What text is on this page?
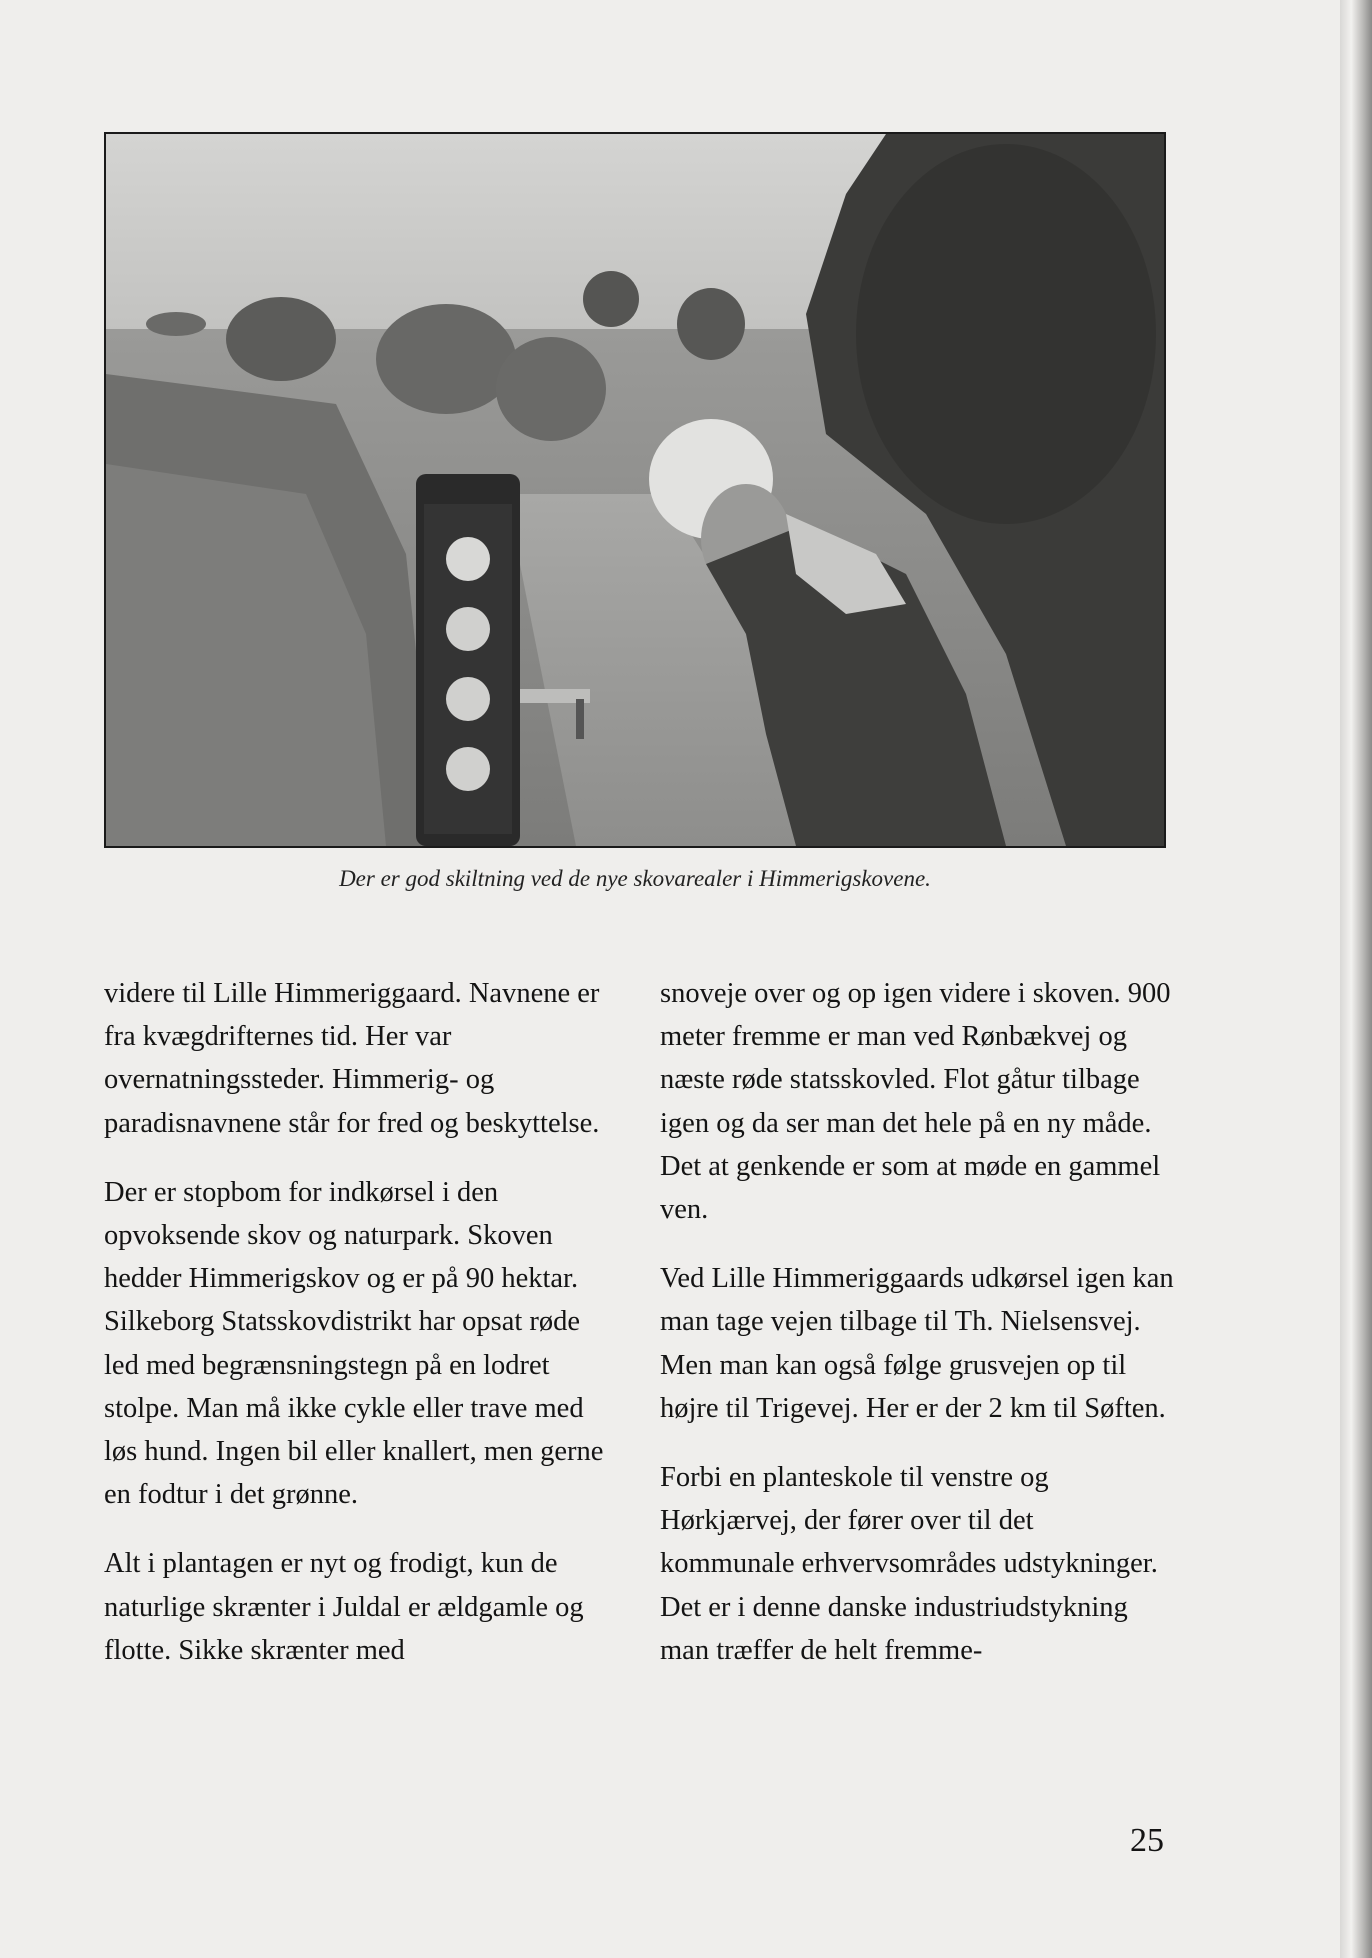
Der er god skiltning ved de nye skovarealer i Himmerigskovene.

videre til Lille Himmeriggaard. Navnene er fra kvægdrifternes tid. Her var overnatningssteder. Himmerig- og paradisnavnene står for fred og beskyttelse.

Der er stopbom for indkørsel i den opvoksende skov og naturpark. Skoven hedder Himmerigskov og er på 90 hektar. Silkeborg Statsskovdistrikt har opsat røde led med begrænsningstegn på en lodret stolpe. Man må ikke cykle eller trave med løs hund. Ingen bil eller knallert, men gerne en fodtur i det grønne.

Alt i plantagen er nyt og frodigt, kun de naturlige skrænter i Juldal er ældgamle og flotte. Sikke skrænter med

snoveje over og op igen videre i skoven. 900 meter fremme er man ved Rønbækvej og næste røde statsskovled. Flot gåtur tilbage igen og da ser man det hele på en ny måde. Det at genkende er som at møde en gammel ven.

Ved Lille Himmeriggaards udkørsel igen kan man tage vejen tilbage til Th. Nielsensvej. Men man kan også følge grusvejen op til højre til Trigevej. Her er der 2 km til Søften.

Forbi en planteskole til venstre og Hørkjærvej, der fører over til det kommunale erhvervsområdes udstykninger. Det er i denne danske industriudstykning man træffer de helt fremme-

25
